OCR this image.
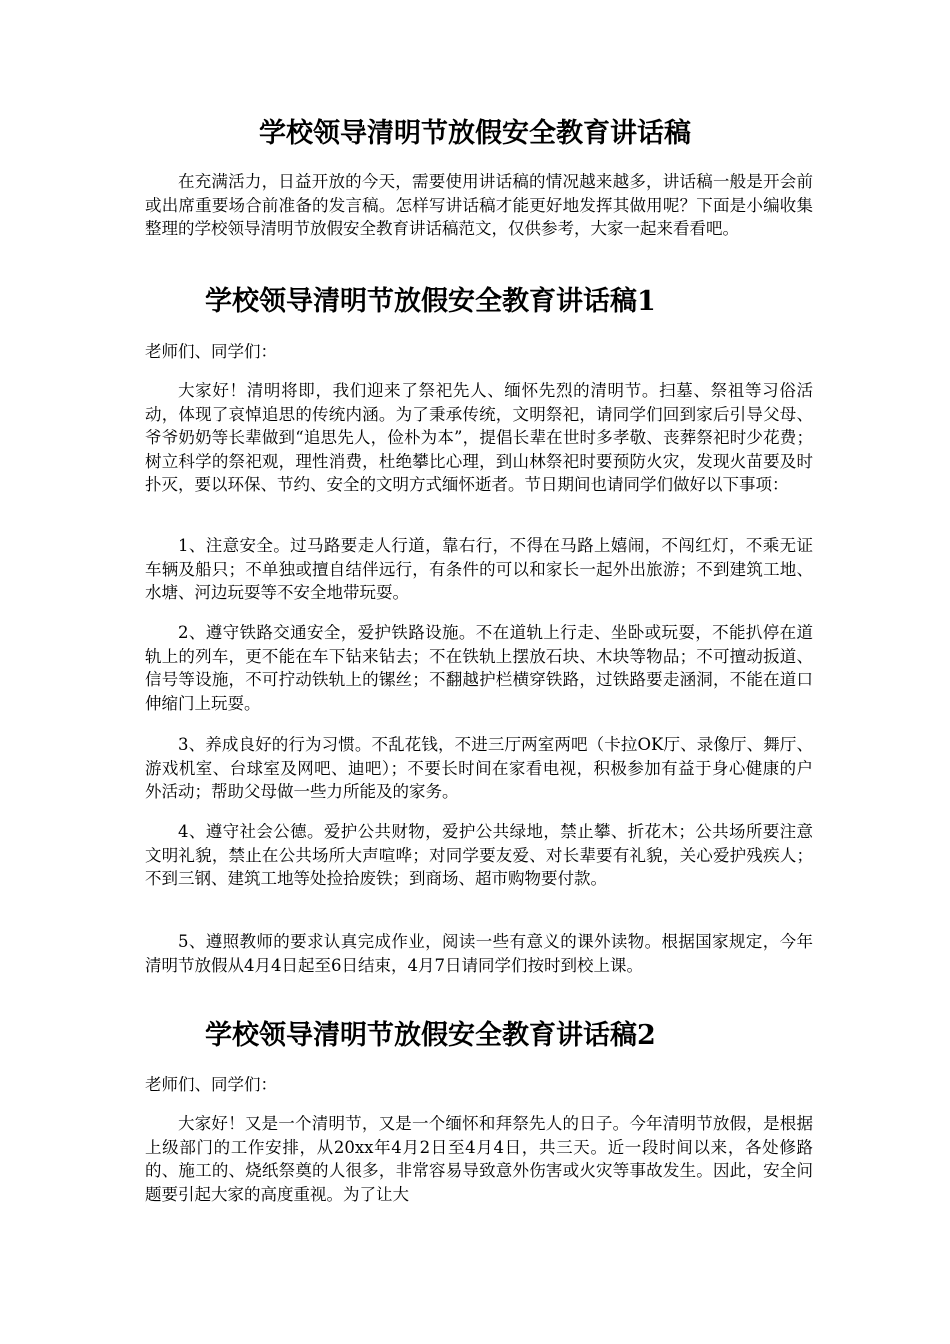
学校领导清明节放假安全教育讲话稿

在充满活力，日益开放的今天，需要使用讲话稿的情况越来越多，讲话稿一般是开会前或出席重要场合前准备的发言稿。怎样写讲话稿才能更好地发挥其做用呢？下面是小编收集整理的学校领导清明节放假安全教育讲话稿范文，仅供参考，大家一起来看看吧。

学校领导清明节放假安全教育讲话稿1

老师们、同学们：

大家好！清明将即，我们迎来了祭祀先人、缅怀先烈的清明节。扫墓、祭祖等习俗活动，体现了哀悼追思的传统内涵。为了秉承传统，文明祭祀，请同学们回到家后引导父母、爷爷奶奶等长辈做到“追思先人，俭朴为本”，提倡长辈在世时多孝敬、丧葬祭祀时少花费；树立科学的祭祀观，理性消费，杜绝攀比心理，到山林祭祀时要预防火灾，发现火苗要及时扑灭，要以环保、节约、安全的文明方式缅怀逝者。节日期间也请同学们做好以下事项：

1、注意安全。过马路要走人行道，靠右行，不得在马路上嬉闹，不闯红灯，不乘无证车辆及船只；不单独或擅自结伴远行，有条件的可以和家长一起外出旅游；不到建筑工地、水塘、河边玩耍等不安全地带玩耍。

2、遵守铁路交通安全，爱护铁路设施。不在道轨上行走、坐卧或玩耍，不能扒停在道轨上的列车，更不能在车下钻来钻去；不在铁轨上摆放石块、木块等物品；不可擅动扳道、信号等设施，不可拧动铁轨上的镙丝；不翻越护栏横穿铁路，过铁路要走涵洞，不能在道口伸缩门上玩耍。

3、养成良好的行为习惯。不乱花钱，不进三厅两室两吧（卡拉OK厅、录像厅、舞厅、游戏机室、台球室及网吧、迪吧）；不要长时间在家看电视，积极参加有益于身心健康的户外活动；帮助父母做一些力所能及的家务。

4、遵守社会公德。爱护公共财物，爱护公共绿地，禁止攀、折花木；公共场所要注意文明礼貌，禁止在公共场所大声喧哗；对同学要友爱、对长辈要有礼貌，关心爱护残疾人；不到三钢、建筑工地等处捡拾废铁；到商场、超市购物要付款。

5、遵照教师的要求认真完成作业，阅读一些有意义的课外读物。根据国家规定，今年清明节放假从4月4日起至6日结束，4月7日请同学们按时到校上课。

学校领导清明节放假安全教育讲话稿2

老师们、同学们：

大家好！又是一个清明节，又是一个缅怀和拜祭先人的日子。今年清明节放假，是根据上级部门的工作安排，从20xx年4月2日至4月4日，共三天。近一段时间以来，各处修路的、施工的、烧纸祭奠的人很多，非常容易导致意外伤害或火灾等事故发生。因此，安全问题要引起大家的高度重视。为了让大
